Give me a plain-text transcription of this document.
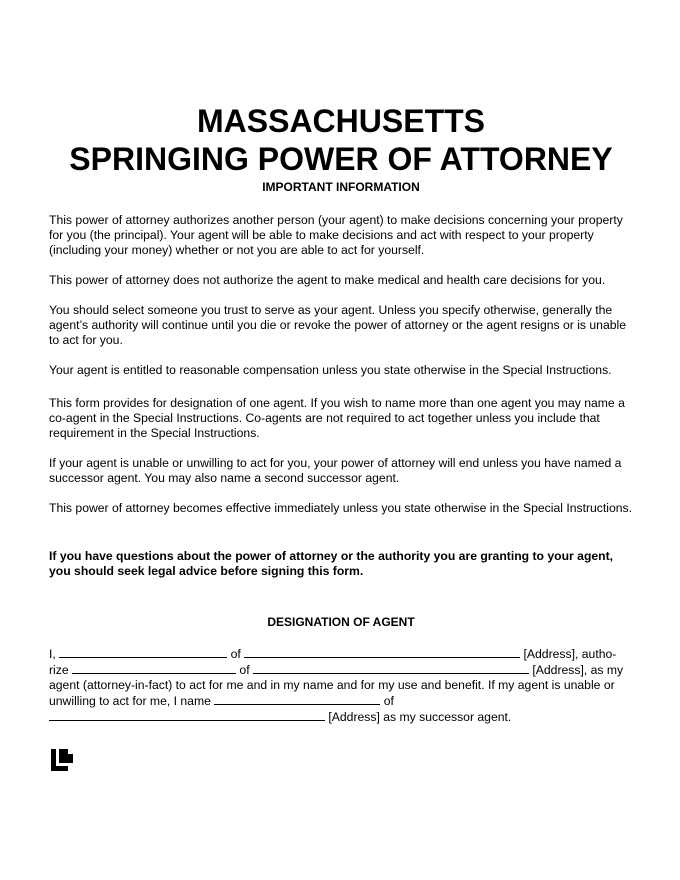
MASSACHUSETTS
SPRINGING POWER OF ATTORNEY
IMPORTANT INFORMATION

This power of attorney authorizes another person (your agent) to make decisions concerning your property for you (the principal). Your agent will be able to make decisions and act with respect to your property (including your money) whether or not you are able to act for yourself.

This power of attorney does not authorize the agent to make medical and health care decisions for you.

You should select someone you trust to serve as your agent. Unless you specify otherwise, generally the agent’s authority will continue until you die or revoke the power of attorney or the agent resigns or is unable to act for you.

Your agent is entitled to reasonable compensation unless you state otherwise in the Special Instructions.

This form provides for designation of one agent. If you wish to name more than one agent you may name a co-agent in the Special Instructions. Co-agents are not required to act together unless you include that requirement in the Special Instructions.

If your agent is unable or unwilling to act for you, your power of attorney will end unless you have named a successor agent. You may also name a second successor agent.

This power of attorney becomes effective immediately unless you state otherwise in the Special Instructions.

If you have questions about the power of attorney or the authority you are granting to your agent, you should seek legal advice before signing this form.

DESIGNATION OF AGENT
I,	of	[Address], autho-
rize	of	[Address], as my
agent (attorney-in-fact) to act for me and in my name and for my use and benefit. If my agent is unable or
unwilling to act for me, I name	of
[Address] as my successor agent.
